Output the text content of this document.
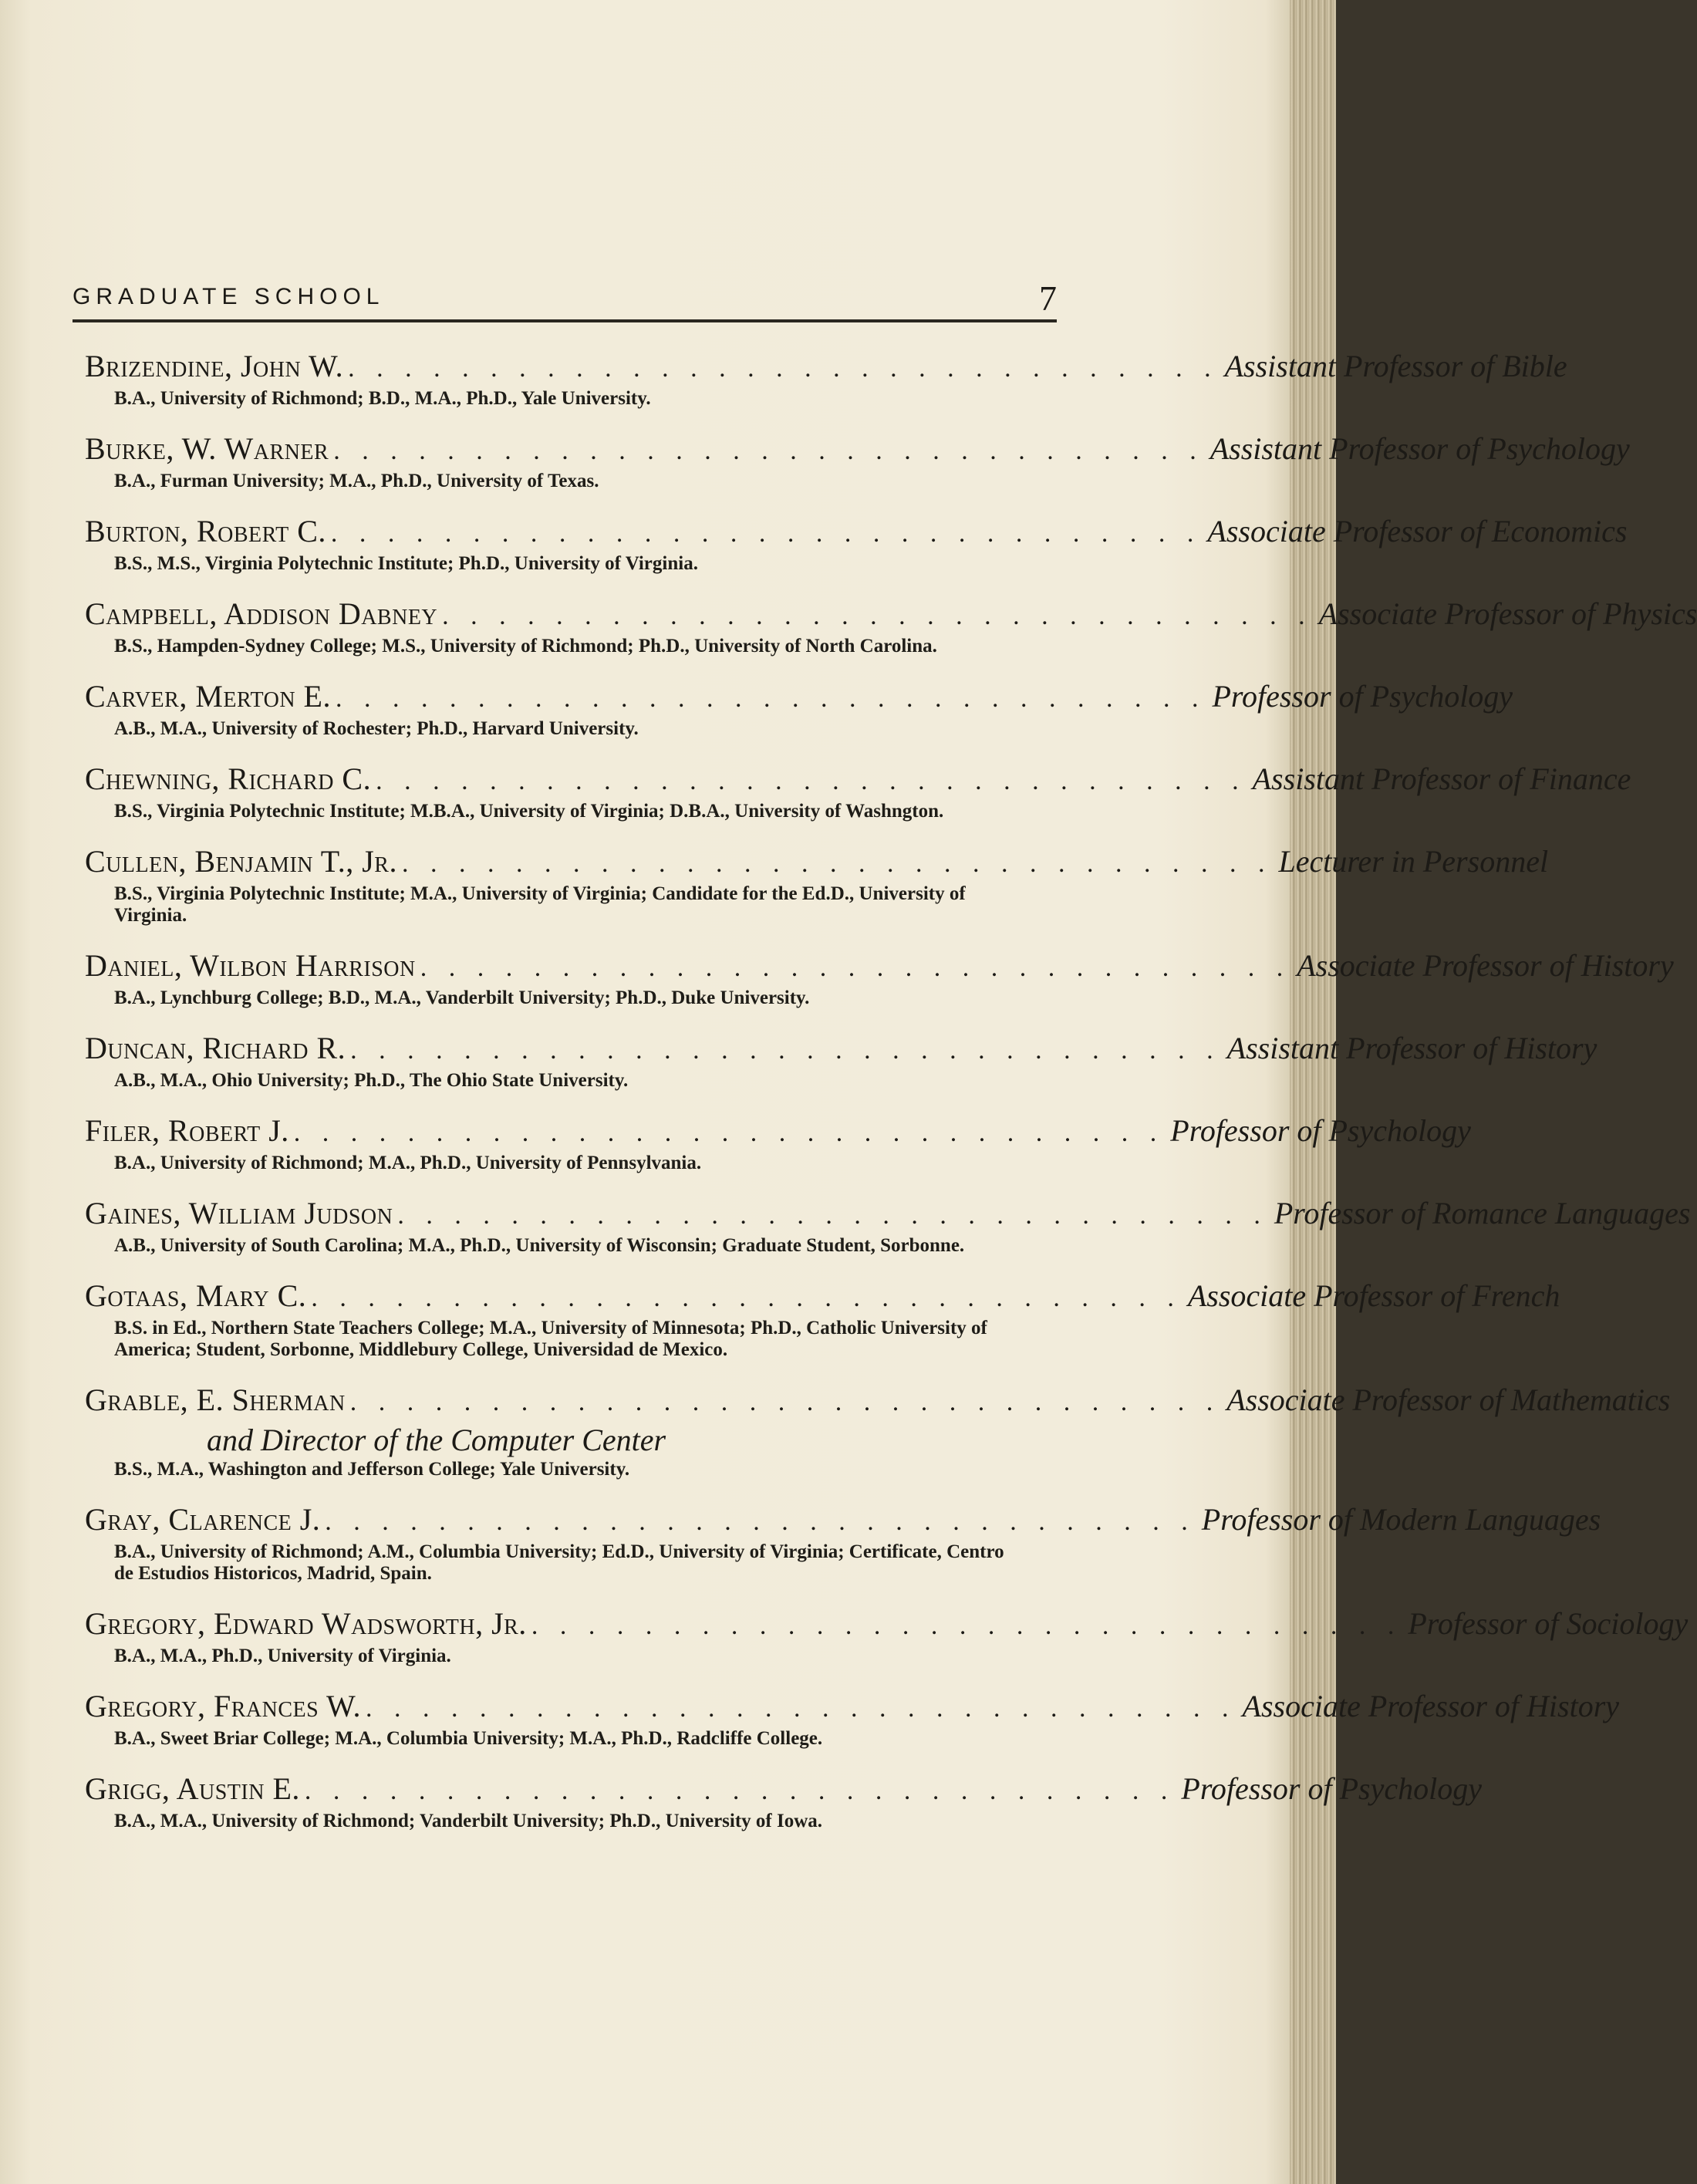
GRADUATE SCHOOL	7
Brizendine, John W. . . . . . . . . . . . . . . . . . . . . . . . . . . . . . . . Assistant Professor of Bible
B.A., University of Richmond; B.D., M.A., Ph.D., Yale University.
Burke, W. Warner . . . . . . . . . . . . . . . . . . . . . . . . . . . . . . . Assistant Professor of Psychology
B.A., Furman University; M.A., Ph.D., University of Texas.
Burton, Robert C. . . . . . . . . . . . . . . . . . . . . . . . . . . . . . . . Associate Professor of Economics
B.S., M.S., Virginia Polytechnic Institute; Ph.D., University of Virginia.
Campbell, Addison Dabney . . . . . . . . . . . . . . . . . . . . . . . . . . . . . . . Associate Professor of Physics
B.S., Hampden-Sydney College; M.S., University of Richmond; Ph.D., University of North Carolina.
Carver, Merton E. . . . . . . . . . . . . . . . . . . . . . . . . . . . . . . . Professor of Psychology
A.B., M.A., University of Rochester; Ph.D., Harvard University.
Chewning, Richard C. . . . . . . . . . . . . . . . . . . . . . . . . . . . . . . . Assistant Professor of Finance
B.S., Virginia Polytechnic Institute; M.B.A., University of Virginia; D.B.A., University of Washngton.
Cullen, Benjamin T., Jr. . . . . . . . . . . . . . . . . . . . . . . . . . . . . . . . Lecturer in Personnel
B.S., Virginia Polytechnic Institute; M.A., University of Virginia; Candidate for the Ed.D., University of Virginia.
Daniel, Wilbon Harrison . . . . . . . . . . . . . . . . . . . . . . . . . . . . . . . Associate Professor of History
B.A., Lynchburg College; B.D., M.A., Vanderbilt University; Ph.D., Duke University.
Duncan, Richard R. . . . . . . . . . . . . . . . . . . . . . . . . . . . . . . . Assistant Professor of History
A.B., M.A., Ohio University; Ph.D., The Ohio State University.
Filer, Robert J. . . . . . . . . . . . . . . . . . . . . . . . . . . . . . . . Professor of Psychology
B.A., University of Richmond; M.A., Ph.D., University of Pennsylvania.
Gaines, William Judson . . . . . . . . . . . . . . . . . . . . . . . . . . . . . . . Professor of Romance Languages
A.B., University of South Carolina; M.A., Ph.D., University of Wisconsin; Graduate Student, Sorbonne.
Gotaas, Mary C. . . . . . . . . . . . . . . . . . . . . . . . . . . . . . . . Associate Professor of French
B.S. in Ed., Northern State Teachers College; M.A., University of Minnesota; Ph.D., Catholic University of America; Student, Sorbonne, Middlebury College, Universidad de Mexico.
Grable, E. Sherman . . . . . . . . . . . . . . . . . . . . . . . . . . . . . . . Associate Professor of Mathematics
and Director of the Computer Center
B.S., M.A., Washington and Jefferson College; Yale University.
Gray, Clarence J. . . . . . . . . . . . . . . . . . . . . . . . . . . . . . . . Professor of Modern Languages
B.A., University of Richmond; A.M., Columbia University; Ed.D., University of Virginia; Certificate, Centro de Estudios Historicos, Madrid, Spain.
Gregory, Edward Wadsworth, Jr. . . . . . . . . . . . . . . . . . . . . . . . . . . . . . . . Professor of Sociology
B.A., M.A., Ph.D., University of Virginia.
Gregory, Frances W. . . . . . . . . . . . . . . . . . . . . . . . . . . . . . . . Associate Professor of History
B.A., Sweet Briar College; M.A., Columbia University; M.A., Ph.D., Radcliffe College.
Grigg, Austin E. . . . . . . . . . . . . . . . . . . . . . . . . . . . . . . . Professor of Psychology
B.A., M.A., University of Richmond; Vanderbilt University; Ph.D., University of Iowa.
